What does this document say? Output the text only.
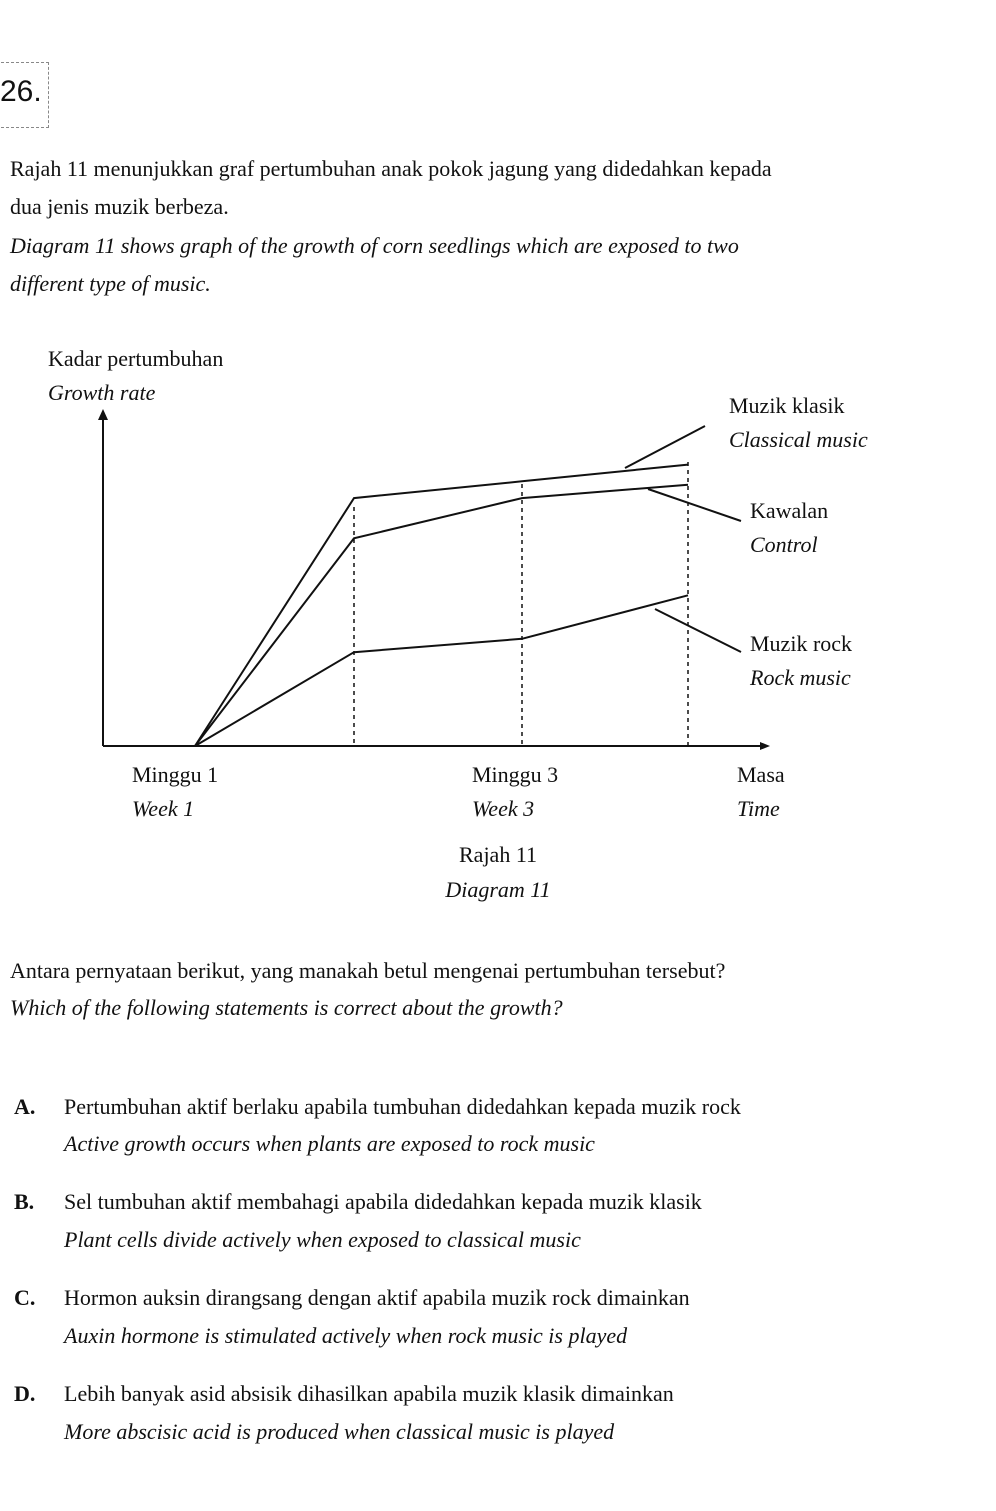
26.
Rajah 11 menunjukkan graf pertumbuhan anak pokok jagung yang didedahkan kepada
dua jenis muzik berbeza.
Diagram 11 shows graph of the growth of corn seedlings which are exposed to two
different type of music.
Kadar pertumbuhan
Growth rate
Muzik klasik
Classical music
Kawalan
Control
Muzik rock
Rock music
Minggu 1
Week 1
Minggu 3
Week 3
Masa
Time
Rajah 11
Diagram 11
Antara pernyataan berikut, yang manakah betul mengenai pertumbuhan tersebut?
Which of the following statements is correct about the growth?
A. Pertumbuhan aktif berlaku apabila tumbuhan didedahkan kepada muzik rock
Active growth occurs when plants are exposed to rock music
B. Sel tumbuhan aktif membahagi apabila didedahkan kepada muzik klasik
Plant cells divide actively when exposed to classical music
C. Hormon auksin dirangsang dengan aktif apabila muzik rock dimainkan
Auxin hormone is stimulated actively when rock music is played
D. Lebih banyak asid absisik dihasilkan apabila muzik klasik dimainkan
More abscisic acid is produced when classical music is played
